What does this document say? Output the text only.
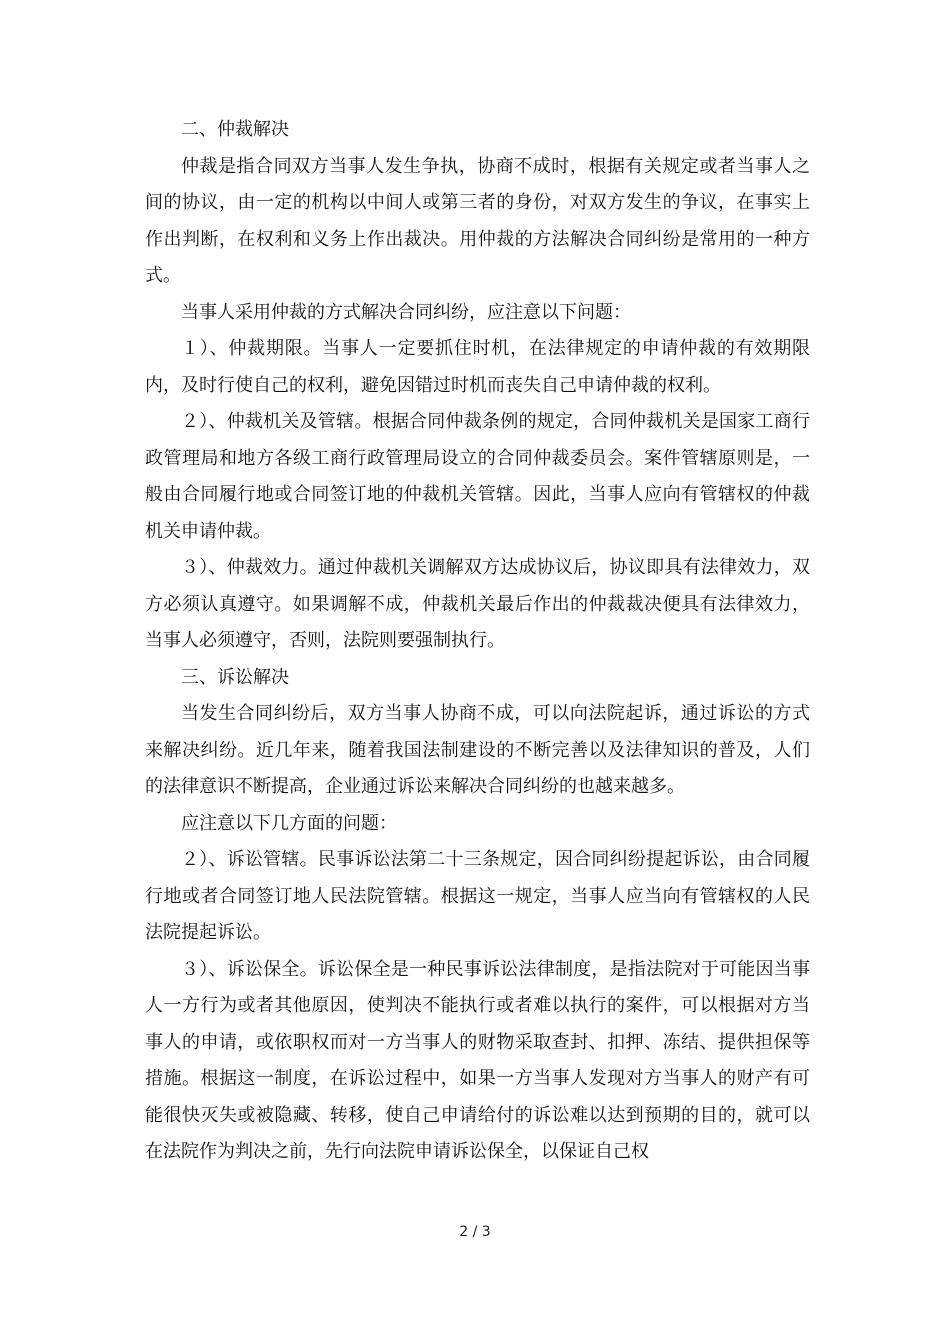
二、仲裁解决

仲裁是指合同双方当事人发生争执，协商不成时，根据有关规定或者当事人之间的协议，由一定的机构以中间人或第三者的身份，对双方发生的争议，在事实上作出判断，在权利和义务上作出裁决。用仲裁的方法解决合同纠纷是常用的一种方式。

当事人采用仲裁的方式解决合同纠纷，应注意以下问题：

１）、仲裁期限。当事人一定要抓住时机，在法律规定的申请仲裁的有效期限内，及时行使自己的权利，避免因错过时机而丧失自己申请仲裁的权利。

２）、仲裁机关及管辖。根据合同仲裁条例的规定，合同仲裁机关是国家工商行政管理局和地方各级工商行政管理局设立的合同仲裁委员会。案件管辖原则是，一般由合同履行地或合同签订地的仲裁机关管辖。因此，当事人应向有管辖权的仲裁机关申请仲裁。

３）、仲裁效力。通过仲裁机关调解双方达成协议后，协议即具有法律效力，双方必须认真遵守。如果调解不成，仲裁机关最后作出的仲裁裁决便具有法律效力，当事人必须遵守，否则，法院则要强制执行。

三、诉讼解决

当发生合同纠纷后，双方当事人协商不成，可以向法院起诉，通过诉讼的方式来解决纠纷。近几年来，随着我国法制建设的不断完善以及法律知识的普及，人们的法律意识不断提高，企业通过诉讼来解决合同纠纷的也越来越多。

应注意以下几方面的问题：

２）、诉讼管辖。民事诉讼法第二十三条规定，因合同纠纷提起诉讼，由合同履行地或者合同签订地人民法院管辖。根据这一规定，当事人应当向有管辖权的人民法院提起诉讼。

３）、诉讼保全。诉讼保全是一种民事诉讼法律制度，是指法院对于可能因当事人一方行为或者其他原因，使判决不能执行或者难以执行的案件，可以根据对方当事人的申请，或依职权而对一方当事人的财物采取查封、扣押、冻结、提供担保等措施。根据这一制度，在诉讼过程中，如果一方当事人发现对方当事人的财产有可能很快灭失或被隐藏、转移，使自己申请给付的诉讼难以达到预期的目的，就可以在法院作为判决之前，先行向法院申请诉讼保全，以保证自己权

2 / 3
